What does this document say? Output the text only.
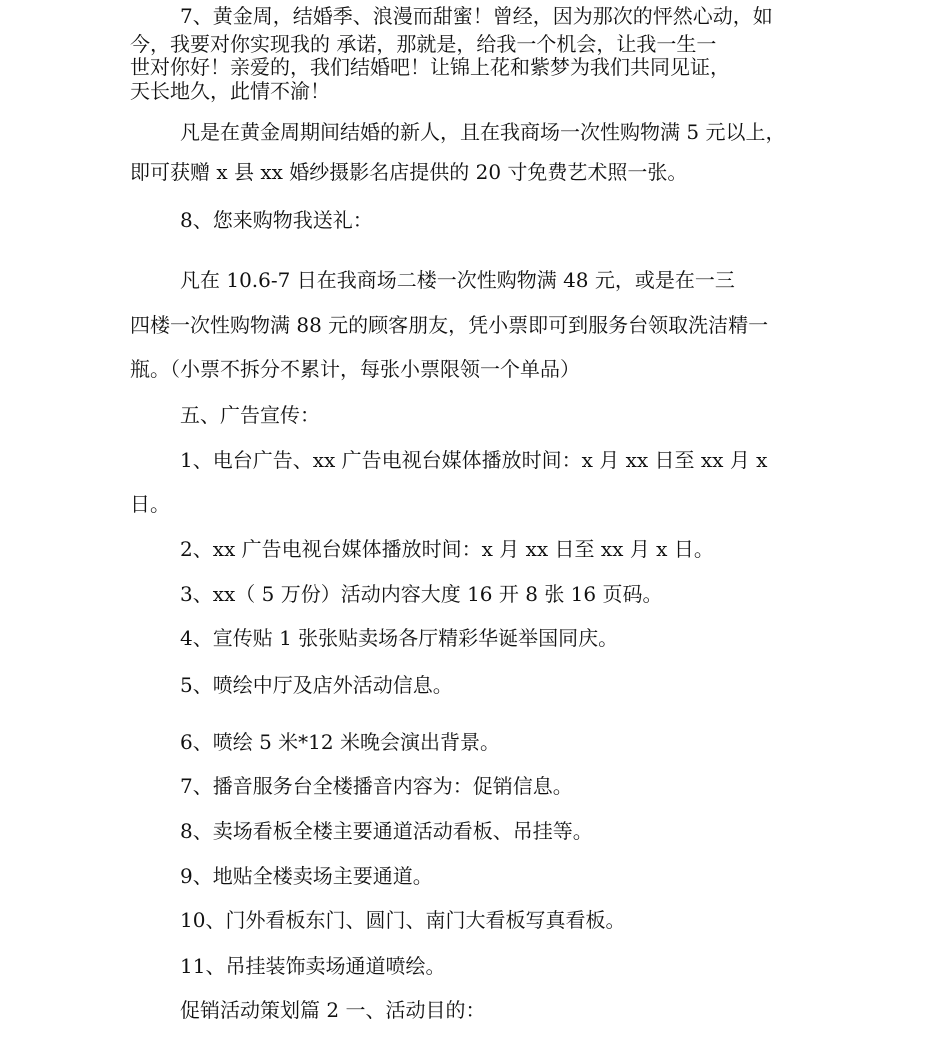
7、黄金周，结婚季、浪漫而甜蜜！曾经，因为那次的怦然心动，如
今，我要对你实现我的 承诺，那就是，给我一个机会，让我一生一
世对你好！亲爱的，我们结婚吧！让锦上花和紫梦为我们共同见证，
天长地久，此情不渝！
凡是在黄金周期间结婚的新人，且在我商场一次性购物满 5 元以上，
即可获赠 x 县 xx 婚纱摄影名店提供的 20 寸免费艺术照一张。
8、您来购物我送礼：
凡在 10.6-7 日在我商场二楼一次性购物满 48 元，或是在一三
四楼一次性购物满 88 元的顾客朋友，凭小票即可到服务台领取洗洁精一
瓶。（小票不拆分不累计，每张小票限领一个单品）
五、广告宣传：
1、电台广告、xx 广告电视台媒体播放时间：x 月 xx 日至 xx 月 x
日。
2、xx 广告电视台媒体播放时间：x 月 xx 日至 xx 月 x 日。
3、xx（ 5 万份）活动内容大度 16 开 8 张 16 页码。
4、宣传贴 1 张张贴卖场各厅精彩华诞举国同庆。
5、喷绘中厅及店外活动信息。
6、喷绘 5 米*12 米晚会演出背景。
7、播音服务台全楼播音内容为：促销信息。
8、卖场看板全楼主要通道活动看板、吊挂等。
9、地贴全楼卖场主要通道。
10、门外看板东门、圆门、南门大看板写真看板。
11、吊挂装饰卖场通道喷绘。
促销活动策划篇 2 一、活动目的：
